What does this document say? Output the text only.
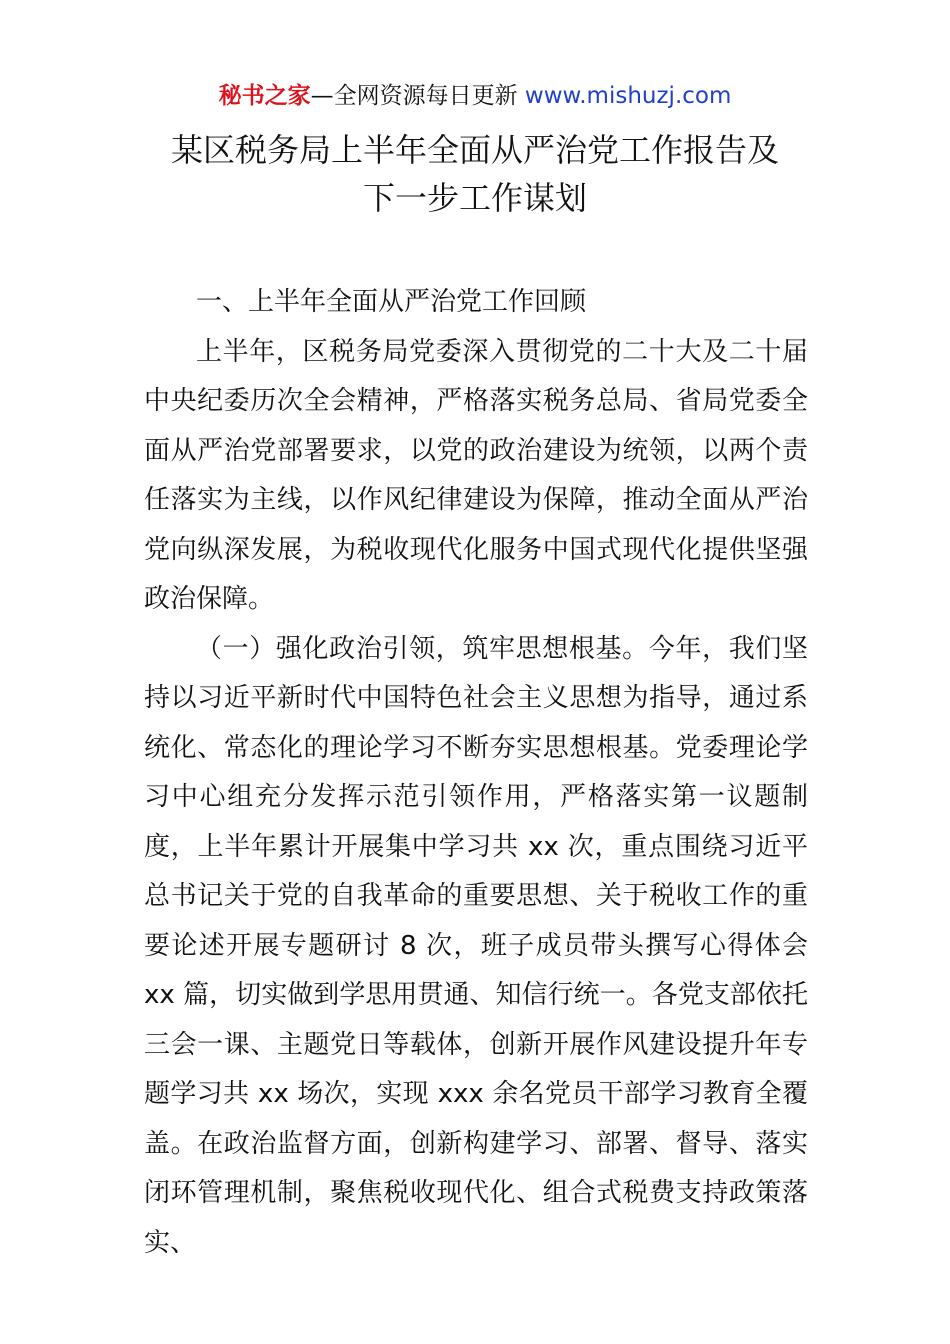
秘书之家—全网资源每日更新 www.mishuzj.com
某区税务局上半年全面从严治党工作报告及
下一步工作谋划

一、上半年全面从严治党工作回顾

上半年，区税务局党委深入贯彻党的二十大及二十届中央纪委历次全会精神，严格落实税务总局、省局党委全面从严治党部署要求，以党的政治建设为统领，以两个责任落实为主线，以作风纪律建设为保障，推动全面从严治党向纵深发展，为税收现代化服务中国式现代化提供坚强政治保障。

（一）强化政治引领，筑牢思想根基。今年，我们坚持以习近平新时代中国特色社会主义思想为指导，通过系统化、常态化的理论学习不断夯实思想根基。党委理论学习中心组充分发挥示范引领作用，严格落实第一议题制度，上半年累计开展集中学习共 xx 次，重点围绕习近平总书记关于党的自我革命的重要思想、关于税收工作的重要论述开展专题研讨 8 次，班子成员带头撰写心得体会 xx 篇，切实做到学思用贯通、知信行统一。各党支部依托三会一课、主题党日等载体，创新开展作风建设提升年专题学习共 xx 场次，实现 xxx 余名党员干部学习教育全覆盖。在政治监督方面，创新构建学习、部署、督导、落实闭环管理机制，聚焦税收现代化、组合式税费支持政策落实、
